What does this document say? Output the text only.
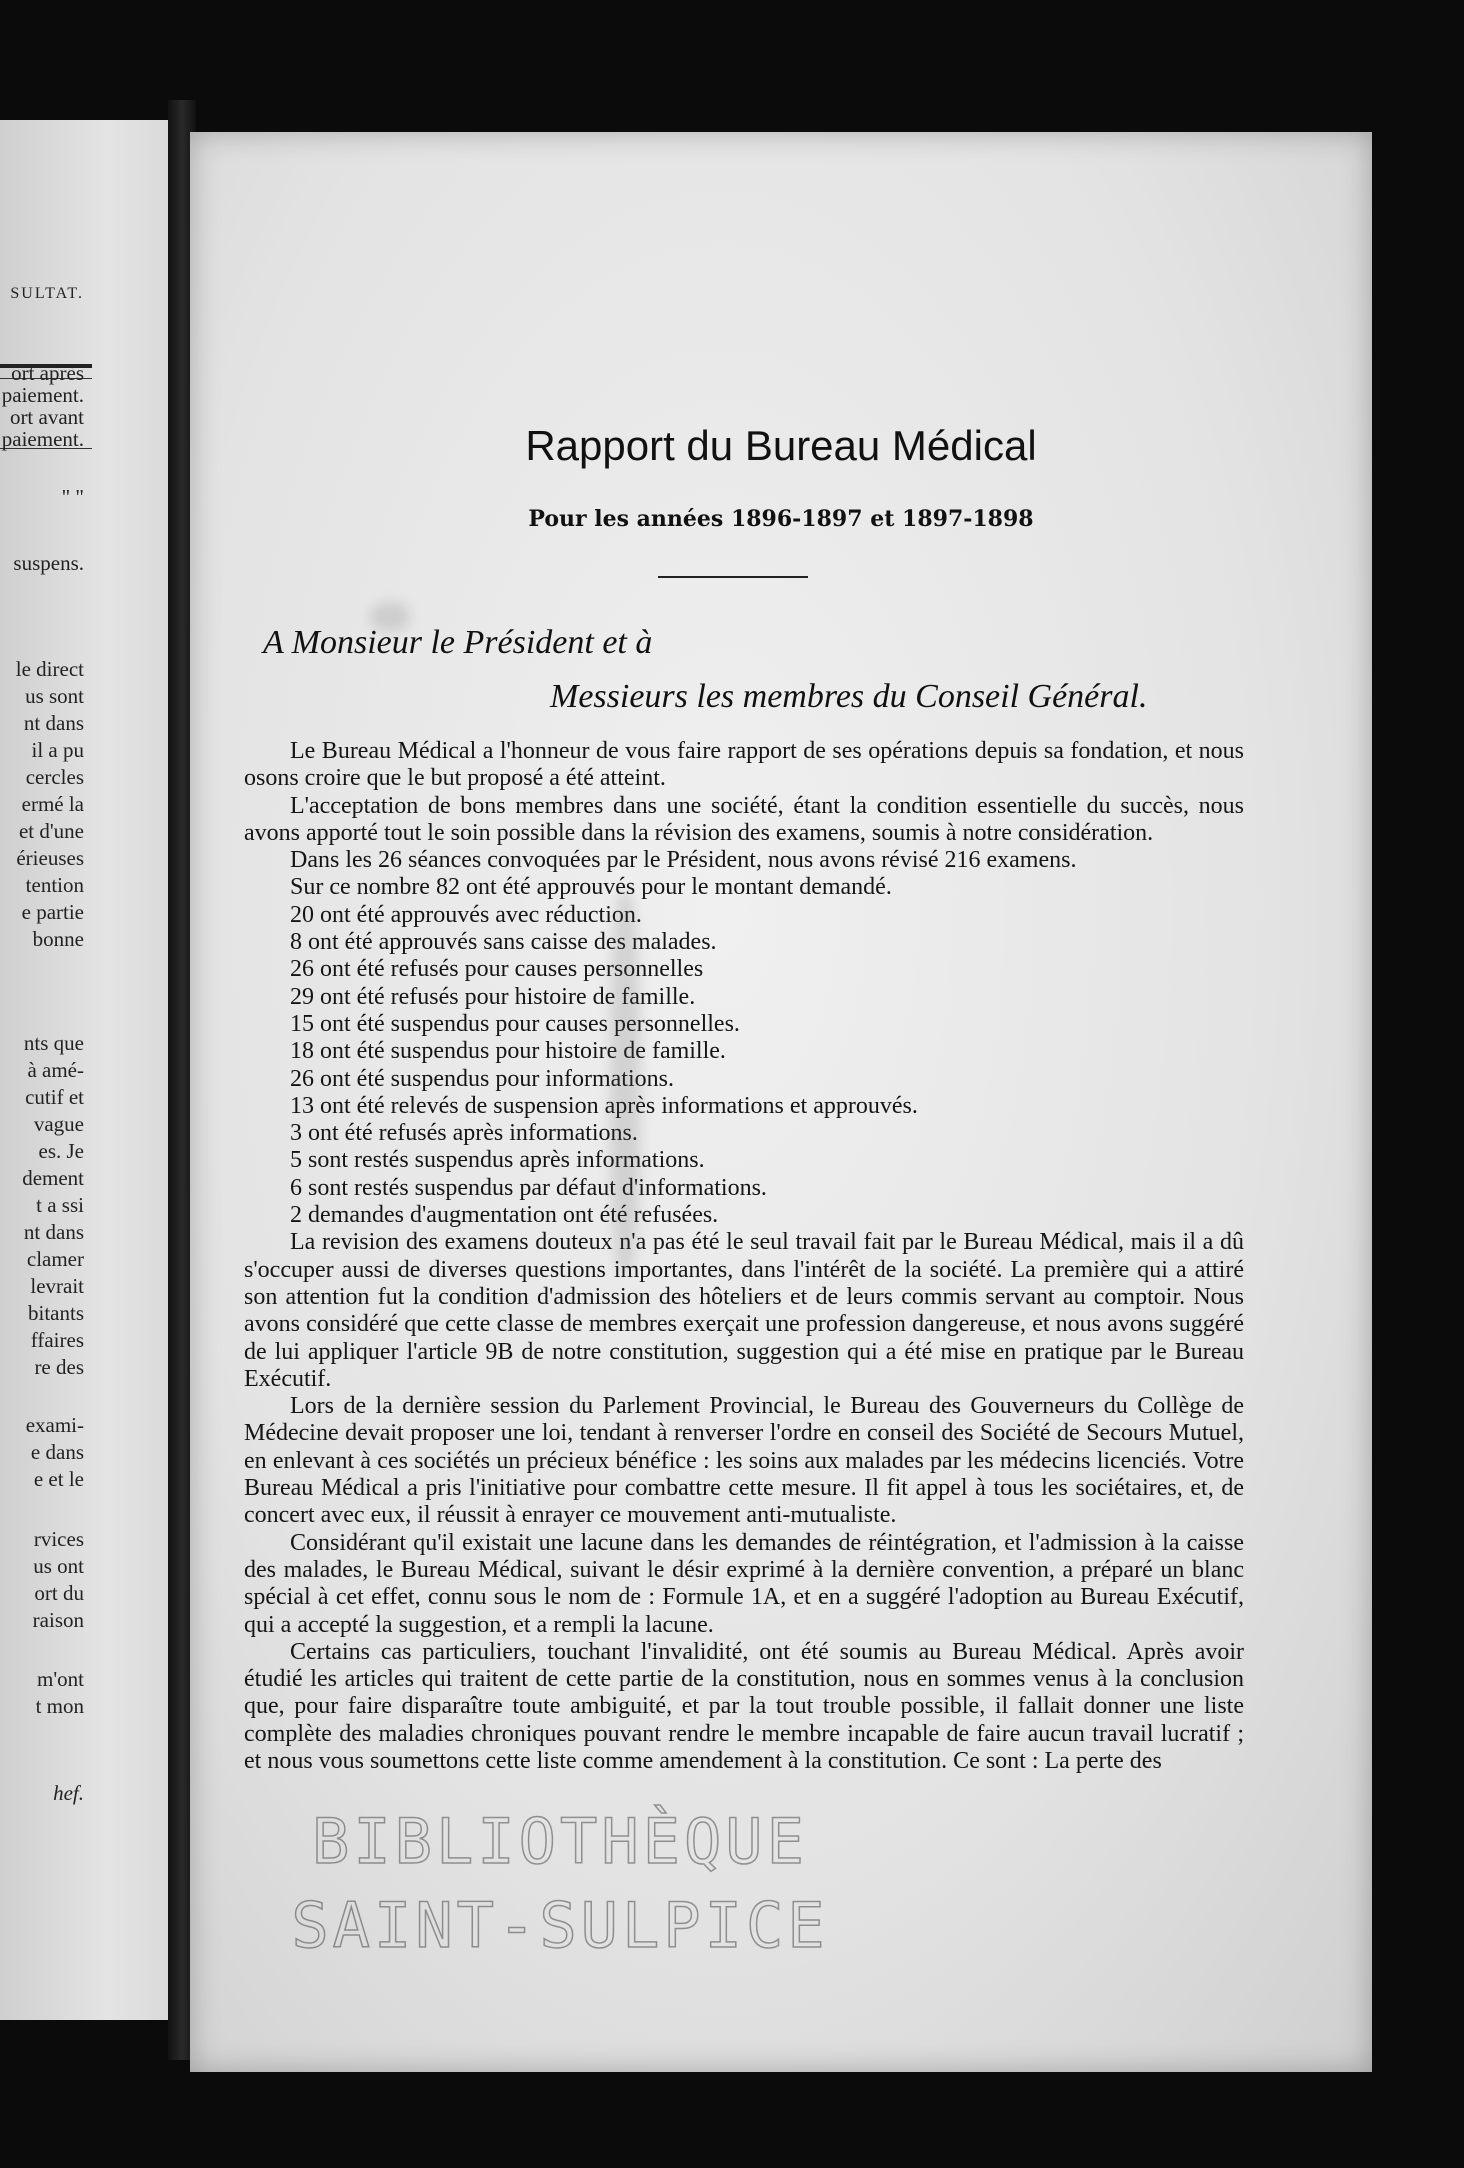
SULTAT.
ort après
paiement.
ort avant
paiement.
" "
suspens.
le direct
us sont
nt dans
il a pu
cercles
ermé la
et d'une
érieuses
tention
e partie
bonne
nts que
à amé-
cutif et
vague
es. Je
dement
t a ssi
nt dans
clamer
levrait
bitants
ffaires
re des
exami-
e dans
e et le
rvices
us ont
ort du
raison
m'ont
t mon
hef.
Rapport du Bureau Médical
Pour les années 1896-1897 et 1897-1898
A Monsieur le Président et à
Messieurs les membres du Conseil Général.

Le Bureau Médical a l'honneur de vous faire rapport de ses opérations depuis sa fondation, et nous osons croire que le but proposé a été atteint.

L'acceptation de bons membres dans une société, étant la condition essentielle du succès, nous avons apporté tout le soin possible dans la révision des examens, soumis à notre considération.

Dans les 26 séances convoquées par le Président, nous avons révisé 216 examens.

Sur ce nombre 82 ont été approuvés pour le montant demandé.
20 ont été approuvés avec réduction.
8 ont été approuvés sans caisse des malades.
26 ont été refusés pour causes personnelles
29 ont été refusés pour histoire de famille.
15 ont été suspendus pour causes personnelles.
18 ont été suspendus pour histoire de famille.
26 ont été suspendus pour informations.
13 ont été relevés de suspension après informations et approuvés.
3 ont été refusés après informations.
5 sont restés suspendus après informations.
6 sont restés suspendus par défaut d'informations.
2 demandes d'augmentation ont été refusées.

La revision des examens douteux n'a pas été le seul travail fait par le Bureau Médical, mais il a dû s'occuper aussi de diverses questions importantes, dans l'intérêt de la société. La première qui a attiré son attention fut la condition d'admission des hôteliers et de leurs commis servant au comptoir. Nous avons considéré que cette classe de membres exerçait une profession dangereuse, et nous avons suggéré de lui appliquer l'article 9B de notre constitution, suggestion qui a été mise en pratique par le Bureau Exécutif.

Lors de la dernière session du Parlement Provincial, le Bureau des Gouverneurs du Collège de Médecine devait proposer une loi, tendant à renverser l'ordre en conseil des Société de Secours Mutuel, en enlevant à ces sociétés un précieux bénéfice : les soins aux malades par les médecins licenciés. Votre Bureau Médical a pris l'initiative pour combattre cette mesure. Il fit appel à tous les sociétaires, et, de concert avec eux, il réussit à enrayer ce mouvement anti-mutualiste.

Considérant qu'il existait une lacune dans les demandes de réintégration, et l'admission à la caisse des malades, le Bureau Médical, suivant le désir exprimé à la dernière convention, a préparé un blanc spécial à cet effet, connu sous le nom de : Formule 1A, et en a suggéré l'adoption au Bureau Exécutif, qui a accepté la suggestion, et a rempli la lacune.

Certains cas particuliers, touchant l'invalidité, ont été soumis au Bureau Médical. Après avoir étudié les articles qui traitent de cette partie de la constitution, nous en sommes venus à la conclusion que, pour faire disparaître toute ambiguité, et par la tout trouble possible, il fallait donner une liste complète des maladies chroniques pouvant rendre le membre incapable de faire aucun travail lucratif ; et nous vous soumettons cette liste comme amendement à la constitution. Ce sont : La perte des

BIBLIOTHÈQUE
SAINT-SULPICE
